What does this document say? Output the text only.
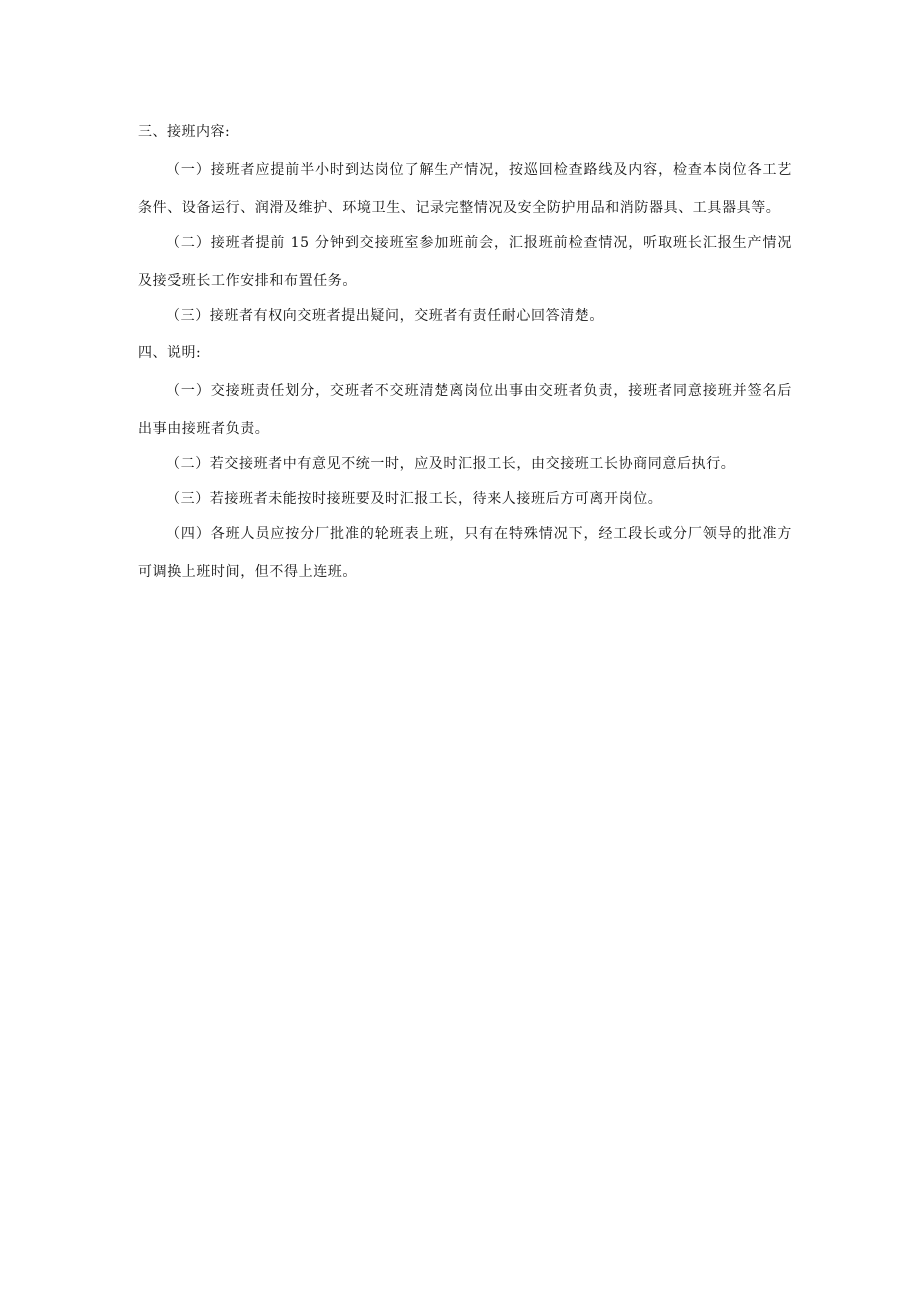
三、接班内容:

（一）接班者应提前半小时到达岗位了解生产情况，按巡回检查路线及内容，检查本岗位各工艺条件、设备运行、润滑及维护、环境卫生、记录完整情况及安全防护用品和消防器具、工具器具等。

（二）接班者提前 15 分钟到交接班室参加班前会，汇报班前检查情况，听取班长汇报生产情况及接受班长工作安排和布置任务。

（三）接班者有权向交班者提出疑问，交班者有责任耐心回答清楚。

四、说明:

（一）交接班责任划分，交班者不交班清楚离岗位出事由交班者负责，接班者同意接班并签名后出事由接班者负责。

（二）若交接班者中有意见不统一时，应及时汇报工长，由交接班工长协商同意后执行。

（三）若接班者未能按时接班要及时汇报工长，待来人接班后方可离开岗位。

（四）各班人员应按分厂批准的轮班表上班，只有在特殊情况下，经工段长或分厂领导的批准方可调换上班时间，但不得上连班。
